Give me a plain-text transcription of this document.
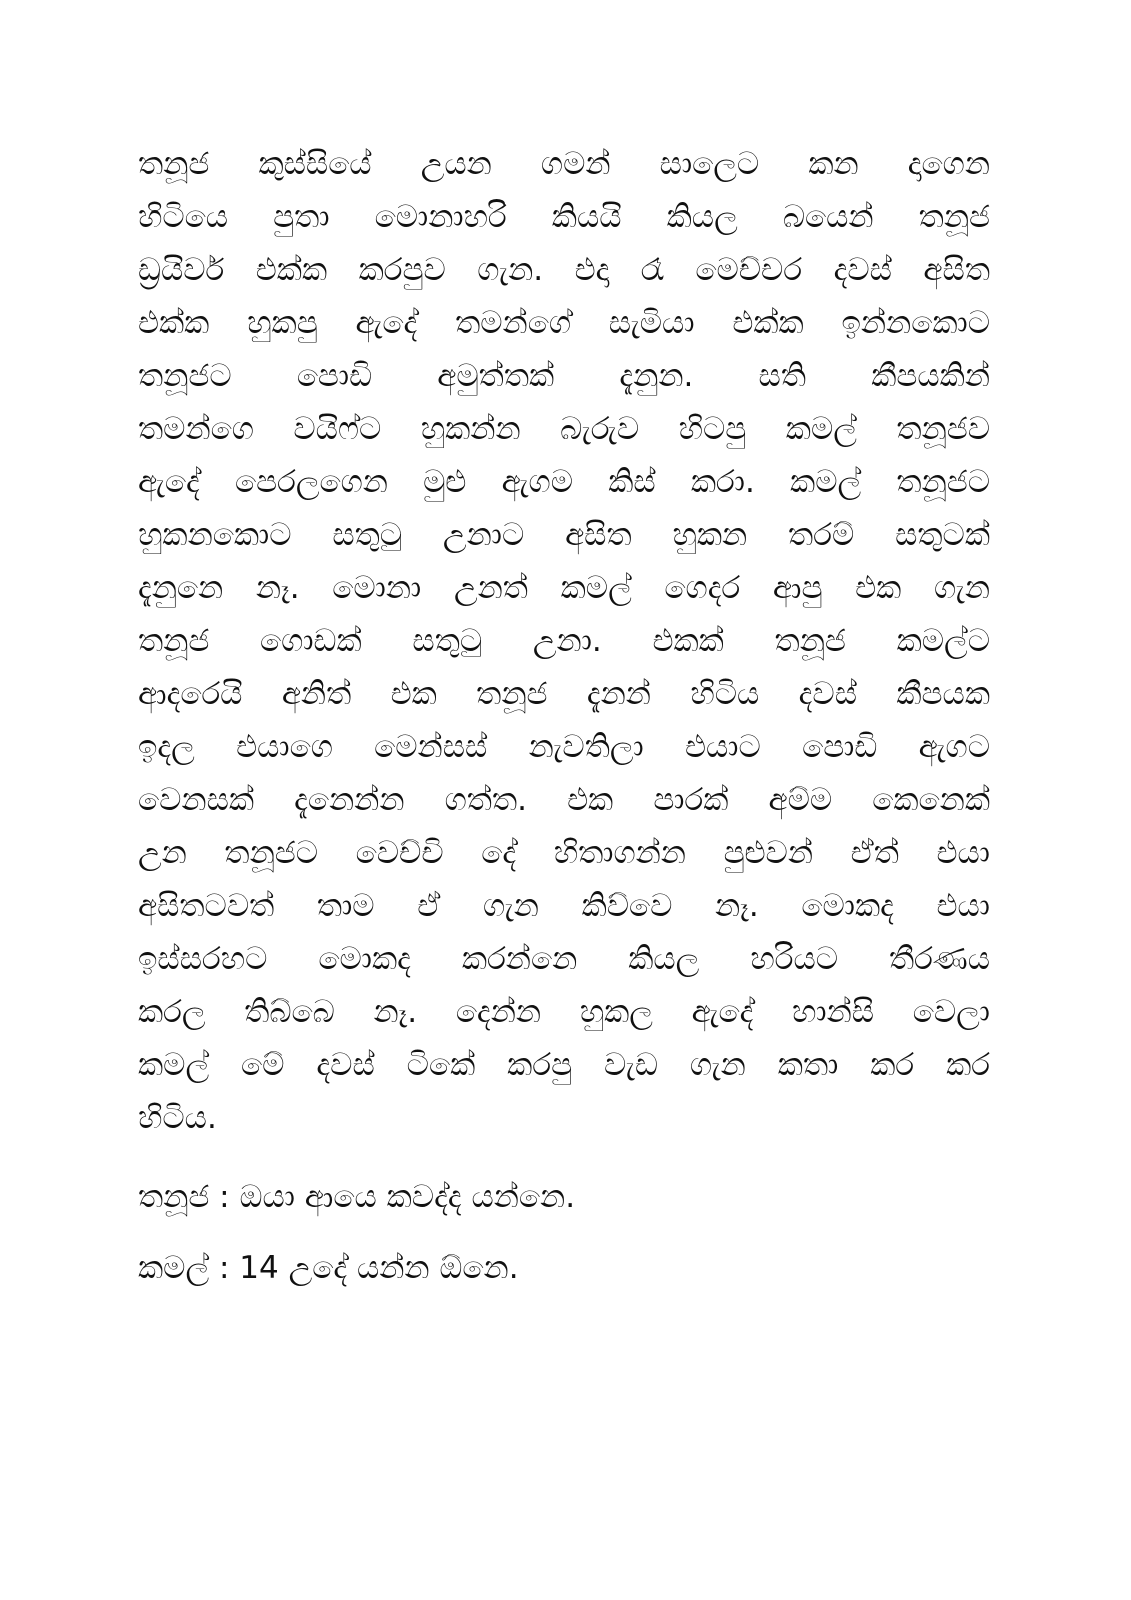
තනූජ කුස්සියේ උයන ගමන් සාලෙට කන දාගෙන
හිටියෙ පුතා මොනාහරි කියයි කියල බයෙන් තනූජ
ඩ්‍රයිවර් එක්ක කරපුව ගැන. එදා රෑ මෙච්චර දවස් අසිත
එක්ක හුකපු ඇදේ තමන්ගේ සැමියා එක්ක ඉන්නකොට
තනූජට පොඩි අමුත්තක් දැනුන. සති කීපයකින්
තමන්ගෙ වයිෆ්ට හුකන්න බැරුව හිටපු කමල් තනූජව
ඇදේ පෙරලගෙන මුළු ඇගම කිස් කරා. කමල් තනූජට
හුකනකොට සතුටු උනාට අසිත හුකන තරම් සතුටක්
දැනුනෙ නෑ. මොනා උනත් කමල් ගෙදර ආපු එක ගැන
තනූජ ගොඩක් සතුටු උනා. එකක් තනූජ කමල්ට
ආදරෙයි අනිත් එක තනූජ දැනන් හිටිය දවස් කීපයක
ඉදල එයාගෙ මෙන්සස් නැවතිලා එයාට පොඩි ඇගට
වෙනසක් දැනෙන්න ගත්ත. එක පාරක් අම්ම කෙනෙක්
උන තනූජට වෙච්චි දේ හිතාගන්න පුළුවන් ඒත් එයා
අසිතටවත් තාම ඒ ගැන කිව්වෙ නෑ. මොකද එයා
ඉස්සරහට මොකද කරන්නෙ කියල හරියට තීරණය
කරල තිබ්බෙ නෑ. දෙන්න හුකල ඇදේ හාන්සි වෙලා
කමල් මේ දවස් ටිකේ කරපු වැඩ ගැන කතා කර කර
හිටිය.
තනූජ : ඔයා ආයෙ කවද්ද යන්නෙ.
කමල් : 14 උදේ යන්න ඕනෙ.
